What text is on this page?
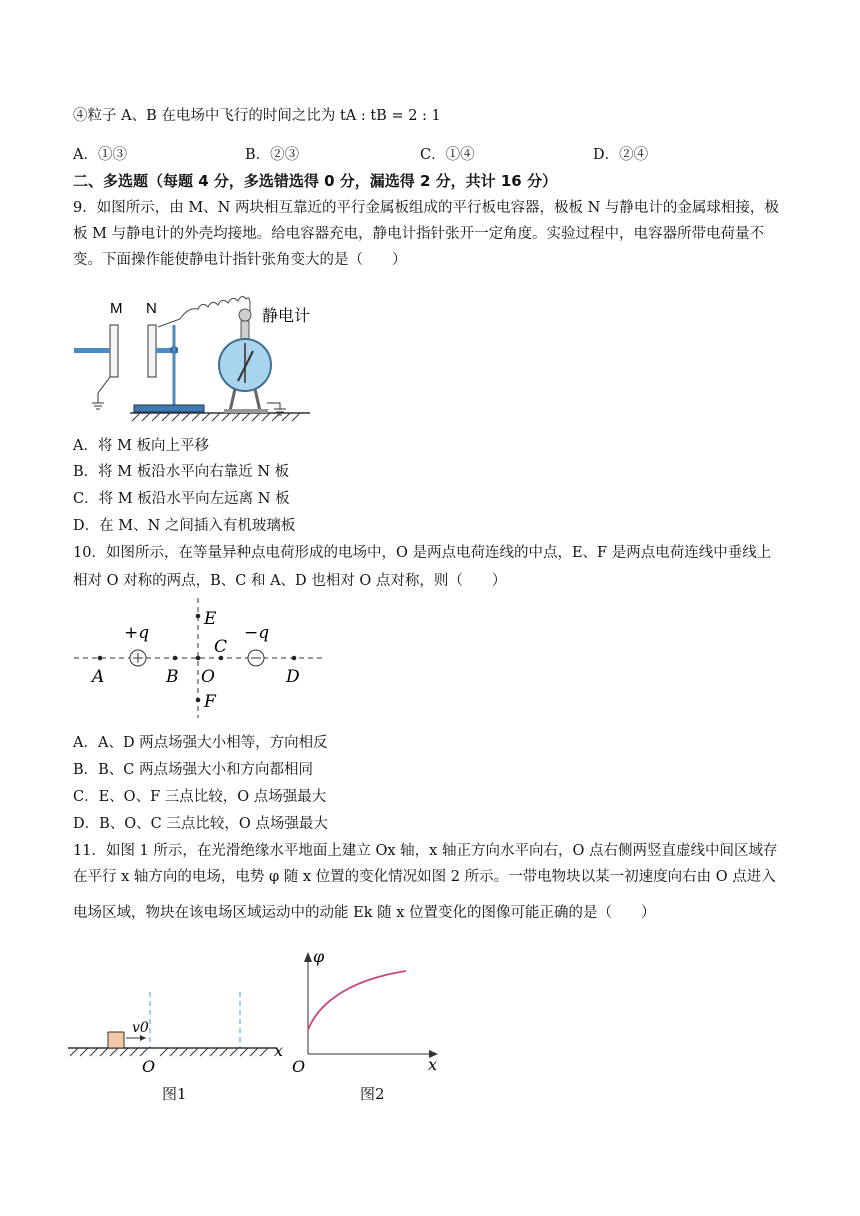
④粒子 A、B 在电场中飞行的时间之比为 tA : tB = 2 : 1
A．①③	B．②③	C．①④	D．②④
二、多选题（每题 4 分，多选错选得 0 分，漏选得 2 分，共计 16 分）
9．如图所示，由 M、N 两块相互靠近的平行金属板组成的平行板电容器，极板 N 与静电计的金属球相接，极
板 M 与静电计的外壳均接地。给电容器充电，静电计指针张开一定角度。实验过程中，电容器所带电荷量不
变。下面操作能使静电计指针张角变大的是（　　）
M N	静电计
A．将 M 板向上平移
B．将 M 板沿水平向右靠近 N 板
C．将 M 板沿水平向左远离 N 板
D．在 M、N 之间插入有机玻璃板
10．如图所示，在等量异种点电荷形成的电场中，O 是两点电荷连线的中点，E、F 是两点电荷连线中垂线上
相对 O 对称的两点，B、C 和 A、D 也相对 O 点对称，则（　　）
+q	−q
A	B O
C
D
E
F
A．A、D 两点场强大小相等，方向相反
B．B、C 两点场强大小和方向都相同
C．E、O、F 三点比较，O 点场强最大
D．B、O、C 三点比较，O 点场强最大
11．如图 1 所示，在光滑绝缘水平地面上建立 Ox 轴，x 轴正方向水平向右，O 点右侧两竖直虚线中间区域存
在平行 x 轴方向的电场，电势 φ 随 x 位置的变化情况如图 2 所示。一带电物块以某一初速度向右由 O 点进入
电场区域，物块在该电场区域运动中的动能 Ek 随 x 位置变化的图像可能正确的是（　　）
v0
x
O
图1
φ
x
O
图2
